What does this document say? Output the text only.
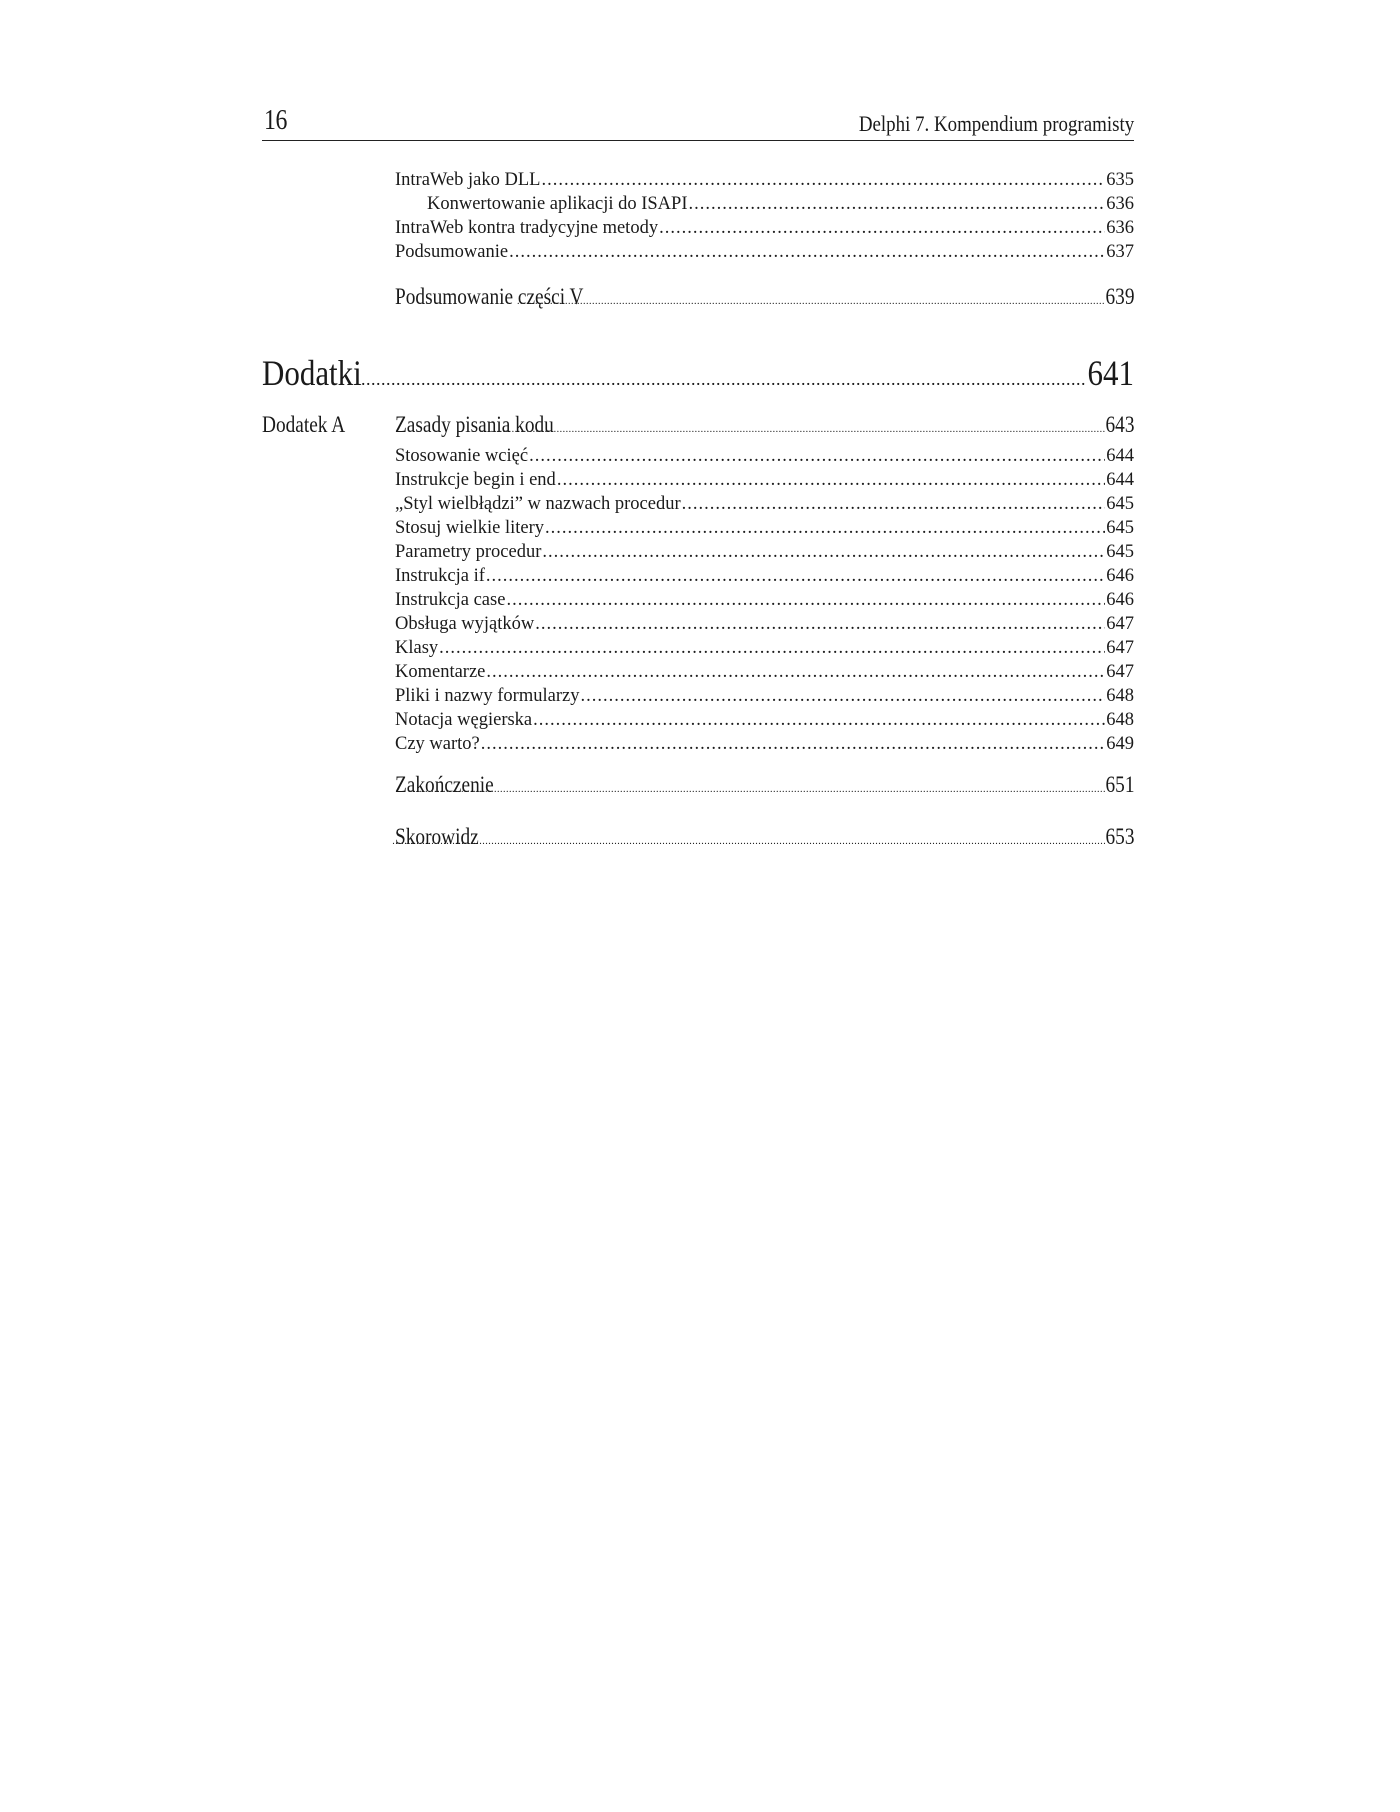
16	Delphi 7. Kompendium programisty
IntraWeb jako DLL .....	635
Konwertowanie aplikacji do ISAPI .....	636
IntraWeb kontra tradycyjne metody .....	636
Podsumowanie .....	637
Podsumowanie części V .....	639
Dodatki .....	641
Dodatek A Zasady pisania kodu .....	643
Stosowanie wcięć .....	644
Instrukcje begin i end .....	644
„Styl wielbłądzi” w nazwach procedur .....	645
Stosuj wielkie litery .....	645
Parametry procedur .....	645
Instrukcja if .....	646
Instrukcja case .....	646
Obsługa wyjątków .....	647
Klasy .....	647
Komentarze .....	647
Pliki i nazwy formularzy .....	648
Notacja węgierska .....	648
Czy warto? .....	649
Zakończenie .....	651
Skorowidz .....	653
